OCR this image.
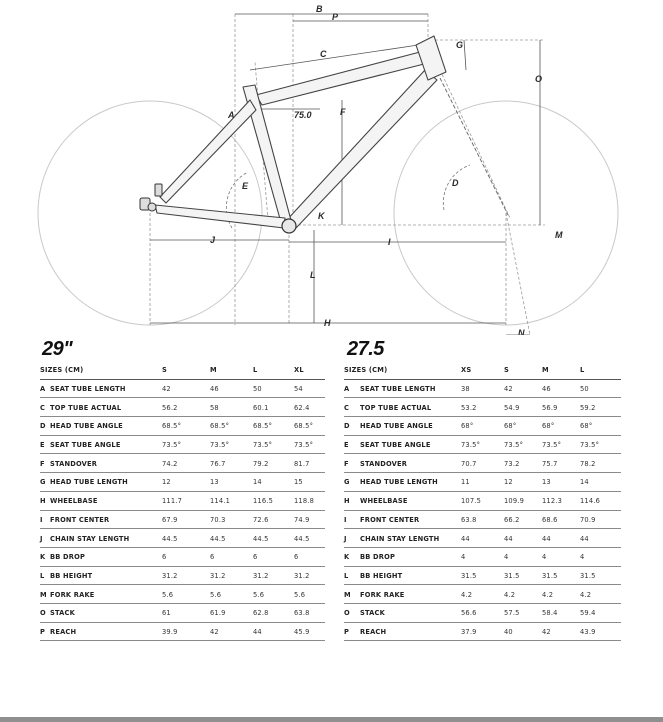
B
P
G
C
O
A	75.0	F
D
E
K
J	I
M
L
H
N
29"	27.5
SIZES (CM)		S	M	L	XL
A	SEAT TUBE LENGTH	42	46	50	54
C	TOP TUBE ACTUAL	56.2	58	60.1	62.4
D	HEAD TUBE ANGLE	68.5°	68.5°	68.5°	68.5°
E	SEAT TUBE ANGLE	73.5°	73.5°	73.5°	73.5°
F	STANDOVER	74.2	76.7	79.2	81.7
G	HEAD TUBE LENGTH	12	13	14	15
H	WHEELBASE	111.7	114.1	116.5	118.8
I	FRONT CENTER	67.9	70.3	72.6	74.9
J	CHAIN STAY LENGTH	44.5	44.5	44.5	44.5
K	BB DROP	6	6	6	6
L	BB HEIGHT	31.2	31.2	31.2	31.2
M	FORK RAKE	5.6	5.6	5.6	5.6
O	STACK	61	61.9	62.8	63.8
P	REACH	39.9	42	44	45.9
SIZES (CM)		XS	S	M	L
A	SEAT TUBE LENGTH	38	42	46	50
C	TOP TUBE ACTUAL	53.2	54.9	56.9	59.2
D	HEAD TUBE ANGLE	68°	68°	68°	68°
E	SEAT TUBE ANGLE	73.5°	73.5°	73.5°	73.5°
F	STANDOVER	70.7	73.2	75.7	78.2
G	HEAD TUBE LENGTH	11	12	13	14
H	WHEELBASE	107.5	109.9	112.3	114.6
I	FRONT CENTER	63.8	66.2	68.6	70.9
J	CHAIN STAY LENGTH	44	44	44	44
K	BB DROP	4	4	4	4
L	BB HEIGHT	31.5	31.5	31.5	31.5
M	FORK RAKE	4.2	4.2	4.2	4.2
O	STACK	56.6	57.5	58.4	59.4
P	REACH	37.9	40	42	43.9
